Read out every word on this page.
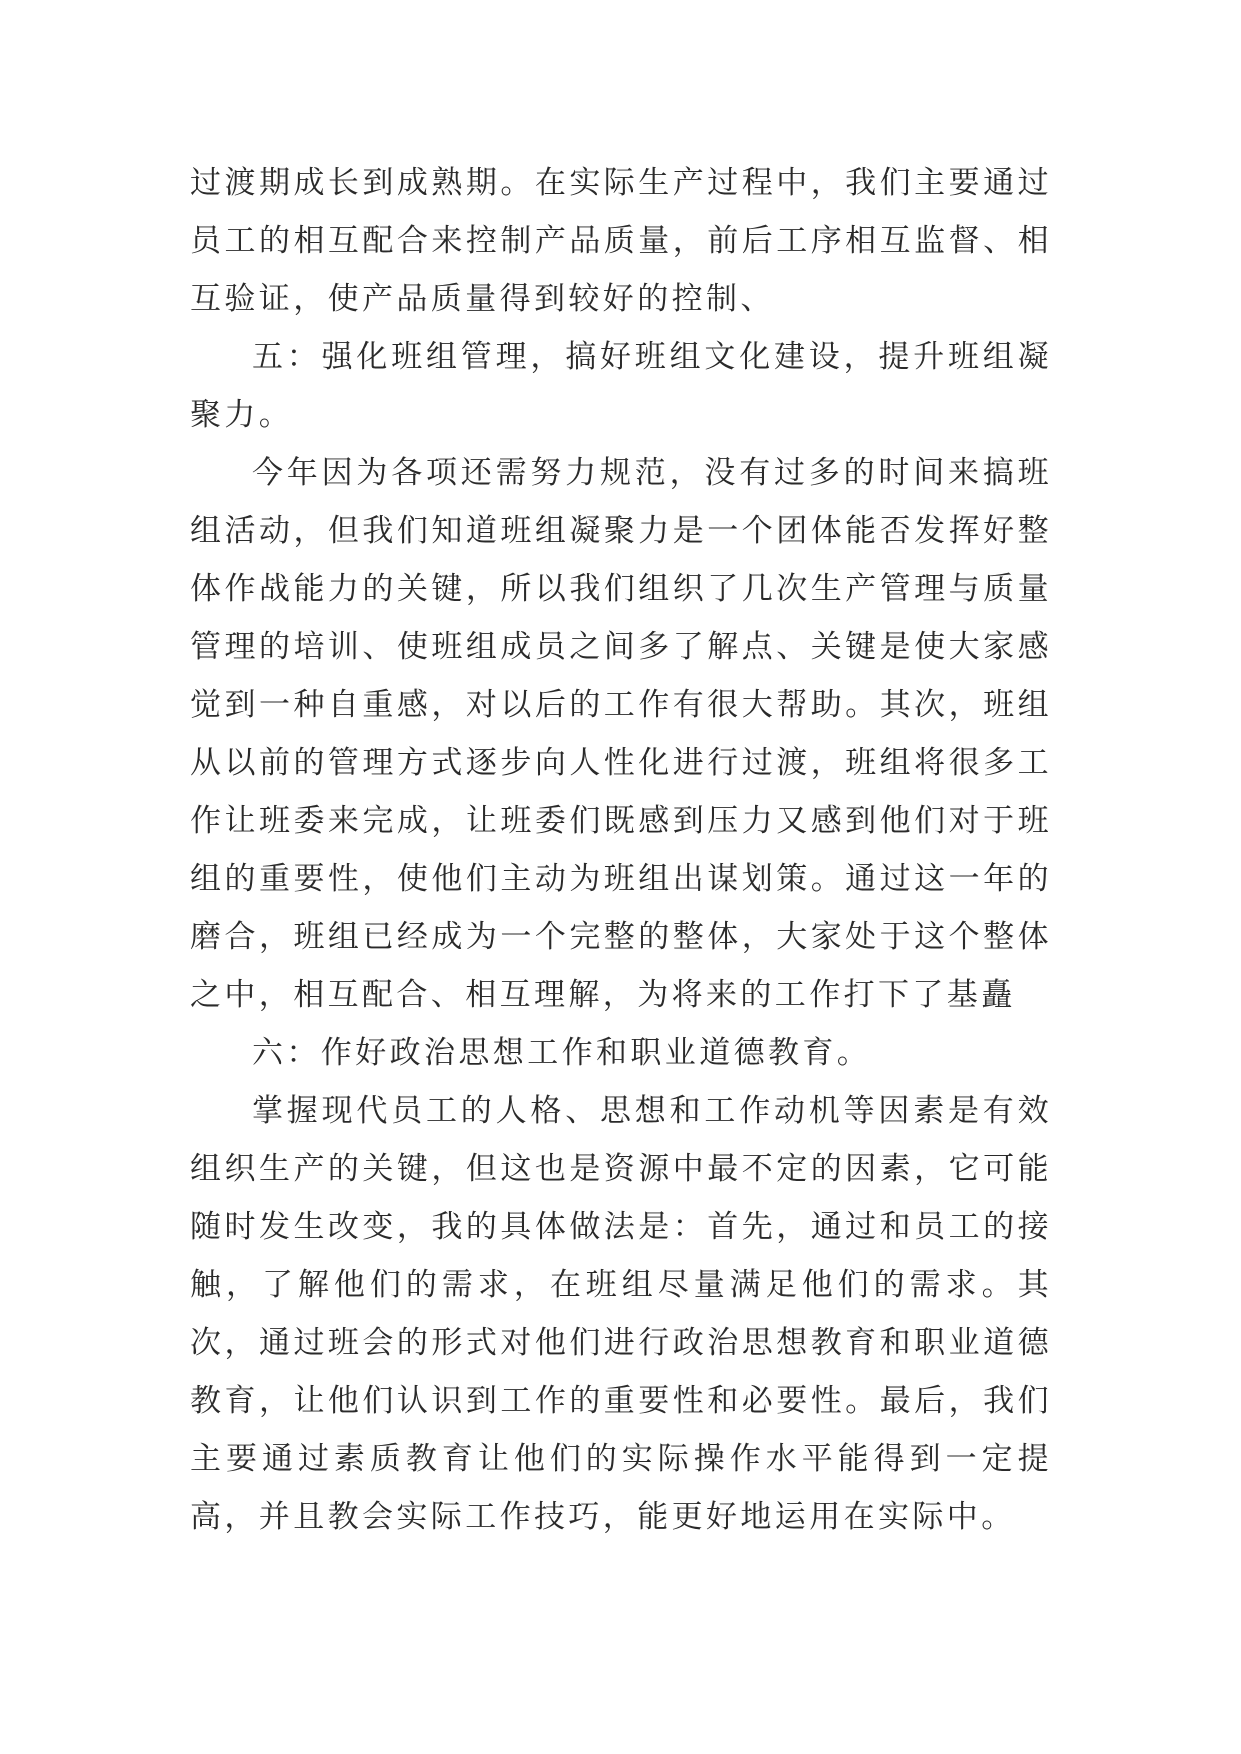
过渡期成长到成熟期。在实际生产过程中，我们主要通过员工的相互配合来控制产品质量，前后工序相互监督、相互验证，使产品质量得到较好的控制、

五：强化班组管理，搞好班组文化建设，提升班组凝聚力。

今年因为各项还需努力规范，没有过多的时间来搞班组活动，但我们知道班组凝聚力是一个团体能否发挥好整体作战能力的关键，所以我们组织了几次生产管理与质量管理的培训、使班组成员之间多了解点、关键是使大家感觉到一种自重感，对以后的工作有很大帮助。其次，班组从以前的管理方式逐步向人性化进行过渡，班组将很多工作让班委来完成，让班委们既感到压力又感到他们对于班组的重要性，使他们主动为班组出谋划策。通过这一年的磨合，班组已经成为一个完整的整体，大家处于这个整体之中，相互配合、相互理解，为将来的工作打下了基矗

六：作好政治思想工作和职业道德教育。

掌握现代员工的人格、思想和工作动机等因素是有效组织生产的关键，但这也是资源中最不定的因素，它可能随时发生改变，我的具体做法是：首先，通过和员工的接触，了解他们的需求，在班组尽量满足他们的需求。其次，通过班会的形式对他们进行政治思想教育和职业道德教育，让他们认识到工作的重要性和必要性。最后，我们主要通过素质教育让他们的实际操作水平能得到一定提高，并且教会实际工作技巧，能更好地运用在实际中。
